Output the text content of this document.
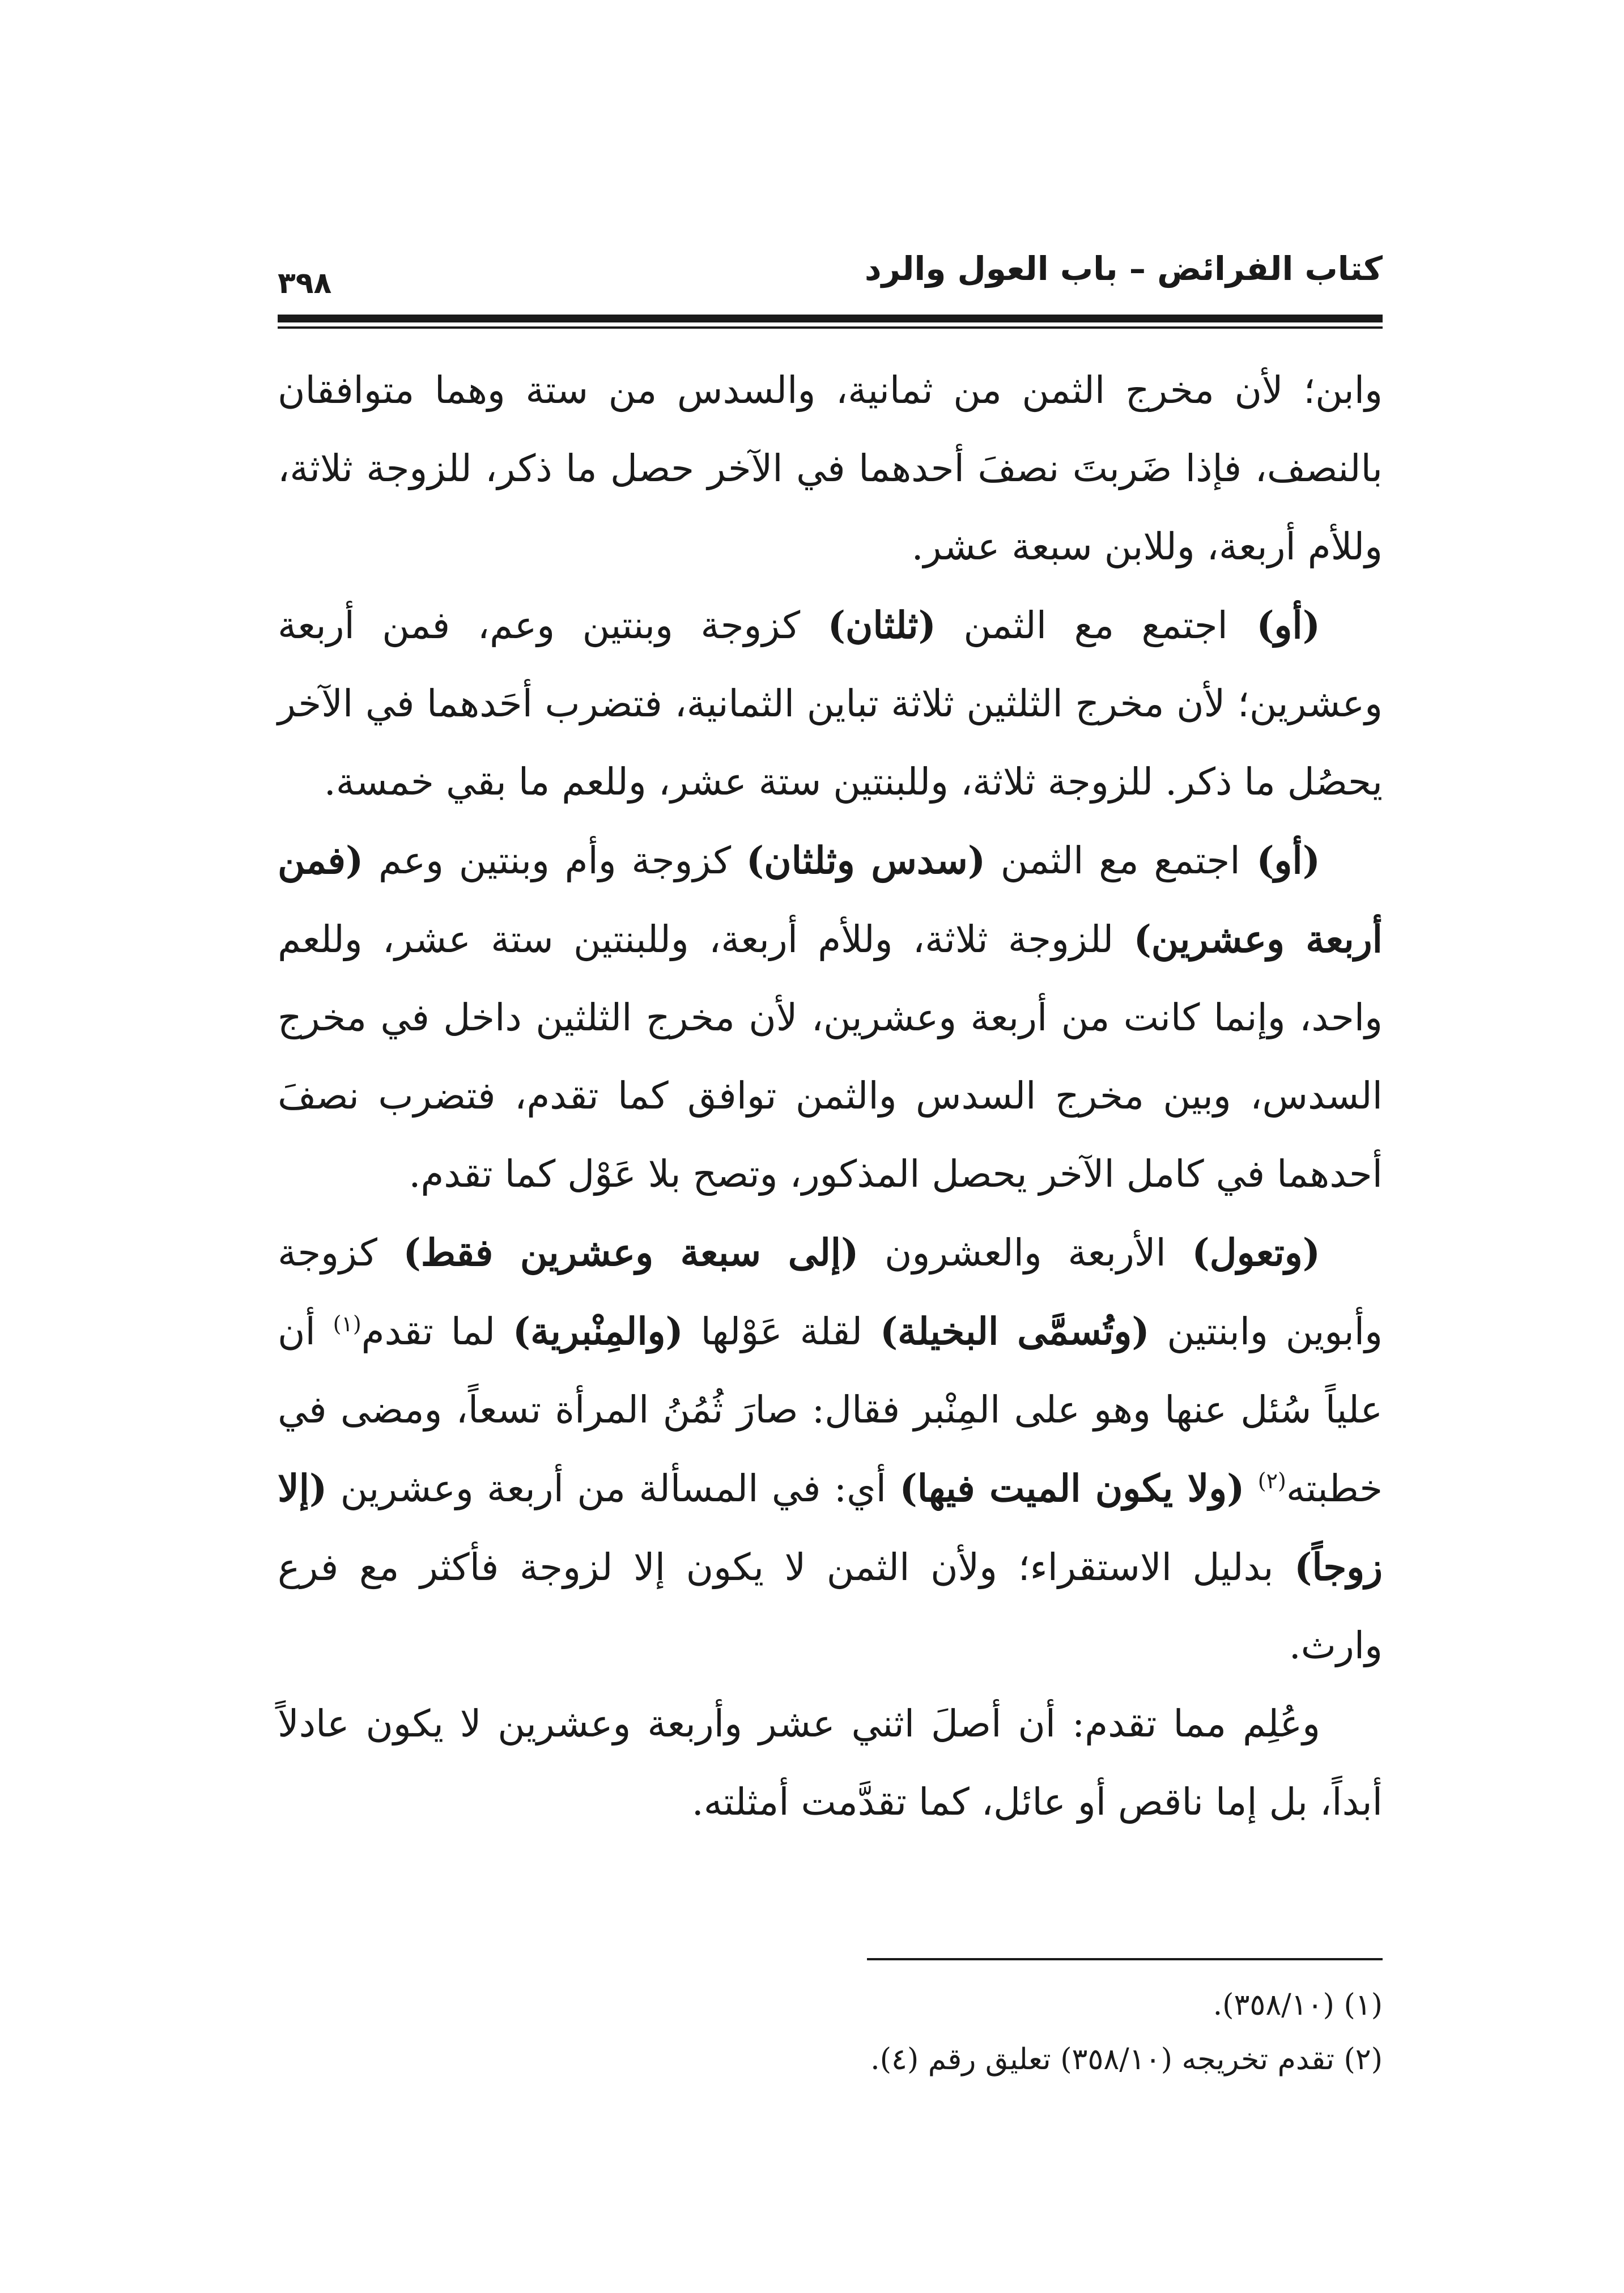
٣٩٨	كتاب الفرائض – باب العول والرد

وابن؛ لأن مخرج الثمن من ثمانية، والسدس من ستة وهما متوافقان بالنصف، فإذا ضَربتَ نصفَ أحدهما في الآخر حصل ما ذكر، للزوجة ثلاثة، وللأم أربعة، وللابن سبعة عشر.

(أو) اجتمع مع الثمن (ثلثان) كزوجة وبنتين وعم، فمن أربعة وعشرين؛ لأن مخرج الثلثين ثلاثة تباين الثمانية، فتضرب أحَدهما في الآخر يحصُل ما ذكر. للزوجة ثلاثة، وللبنتين ستة عشر، وللعم ما بقي خمسة.

(أو) اجتمع مع الثمن (سدس وثلثان) كزوجة وأم وبنتين وعم (فمن أربعة وعشرين) للزوجة ثلاثة، وللأم أربعة، وللبنتين ستة عشر، وللعم واحد، وإنما كانت من أربعة وعشرين، لأن مخرج الثلثين داخل في مخرج السدس، وبين مخرج السدس والثمن توافق كما تقدم، فتضرب نصفَ أحدهما في كامل الآخر يحصل المذكور، وتصح بلا عَوْل كما تقدم.

(وتعول) الأربعة والعشرون (إلى سبعة وعشرين فقط) كزوجة وأبوين وابنتين (وتُسمَّى البخيلة) لقلة عَوْلها (والمِنْبرية) لما تقدم$^{(١)}$ أن علياً سُئل عنها وهو على المِنْبر فقال: صارَ ثُمُنُ المرأة تسعاً، ومضى في خطبته$^{(٢)}$ (ولا يكون الميت فيها) أي: في المسألة من أربعة وعشرين (إلا زوجاً) بدليل الاستقراء؛ ولأن الثمن لا يكون إلا لزوجة فأكثر مع فرع وارث.

وعُلِم مما تقدم: أن أصلَ اثني عشر وأربعة وعشرين لا يكون عادلاً أبداً، بل إما ناقص أو عائل، كما تقدَّمت أمثلته.

(١) (٣٥٨/١٠).

(٢) تقدم تخريجه (٣٥٨/١٠) تعليق رقم (٤).
